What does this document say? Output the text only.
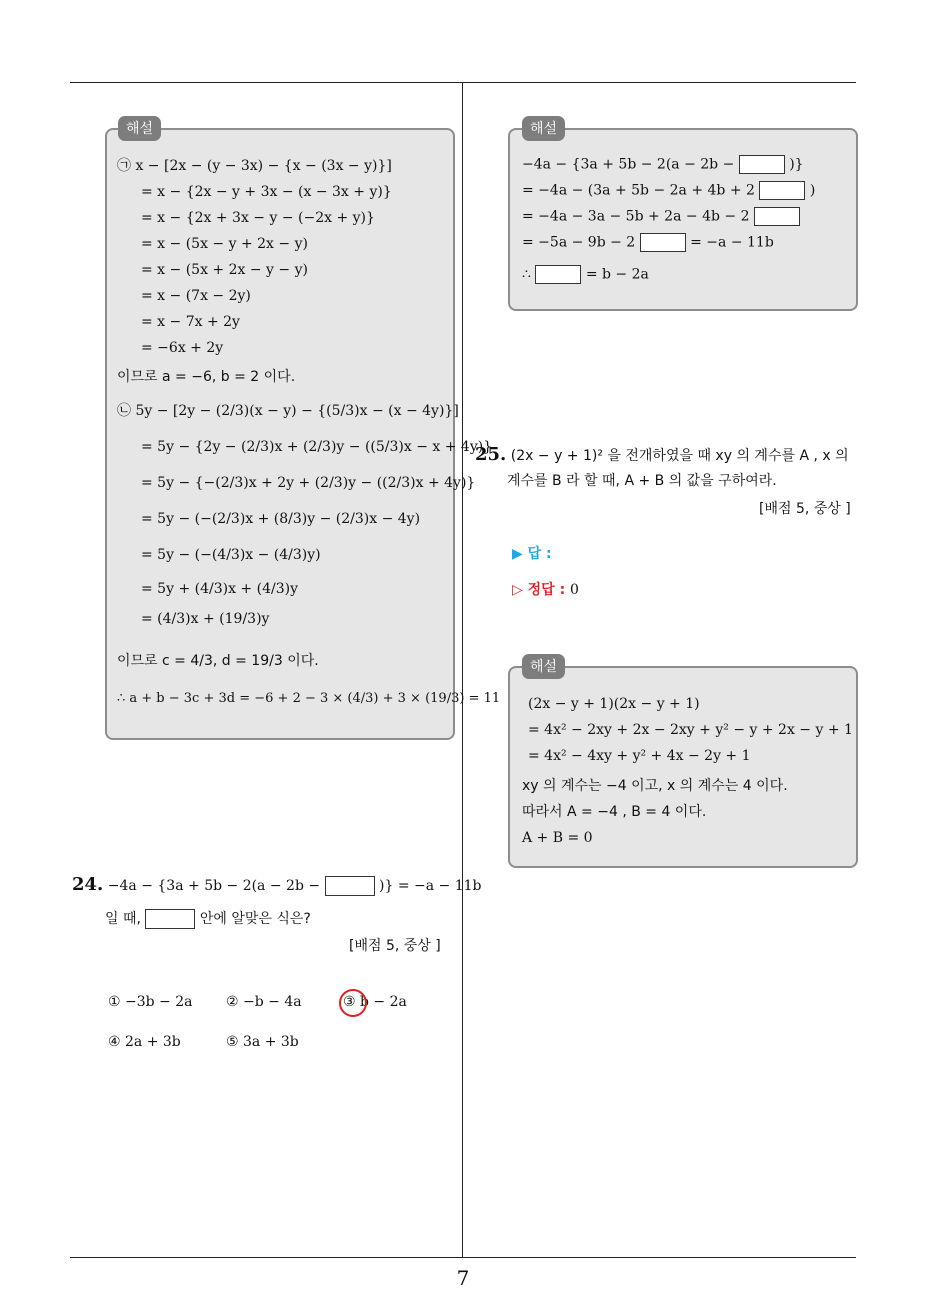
해설
㉠ x − [2x − (y − 3x) − {x − (3x − y)}]
= x − {2x − y + 3x − (x − 3x + y)}
= x − {2x + 3x − y − (−2x + y)}
= x − (5x − y + 2x − y)
= x − (5x + 2x − y − y)
= x − (7x − 2y)
= x − 7x + 2y
= −6x + 2y
이므로 a = −6, b = 2 이다.
㉡ 5y − [2y − (2/3)(x − y) − {(5/3)x − (x − 4y)}]
= 5y − {2y − (2/3)x + (2/3)y − ((5/3)x − x + 4y)}
= 5y − {−(2/3)x + 2y + (2/3)y − ((2/3)x + 4y)}
= 5y − (−(2/3)x + (8/3)y − (2/3)x − 4y)
= 5y − (−(4/3)x − (4/3)y)
= 5y + (4/3)x + (4/3)y
= (4/3)x + (19/3)y
이므로 c = 4/3, d = 19/3 이다.
∴ a + b − 3c + 3d = −6 + 2 − 3 × (4/3) + 3 × (19/3) = 11
24. −4a − {3a + 5b − 2(a − 2b −	)} = −a − 11b
일 때,	안에 알맞은 식은?
[배점 5, 중상 ]
① −3b − 2a ② −b − 4a	③ b − 2a
④ 2a + 3b	⑤ 3a + 3b
해설
−4a − {3a + 5b − 2(a − 2b −	)}
= −4a − (3a + 5b − 2a + 4b + 2	)
= −4a − 3a − 5b + 2a − 4b − 2
= −5a − 9b − 2	= −a − 11b
∴	= b − 2a
25. (2x − y + 1)² 을 전개하였을 때 xy 의 계수를 A , x 의
계수를 B 라 할 때, A + B 의 값을 구하여라.
[배점 5, 중상 ]
▶ 답 :
▷ 정답 : 0
해설
(2x − y + 1)(2x − y + 1)
= 4x² − 2xy + 2x − 2xy + y² − y + 2x − y + 1
= 4x² − 4xy + y² + 4x − 2y + 1
xy 의 계수는 −4 이고, x 의 계수는 4 이다.
따라서 A = −4 , B = 4 이다.
A + B = 0
7
